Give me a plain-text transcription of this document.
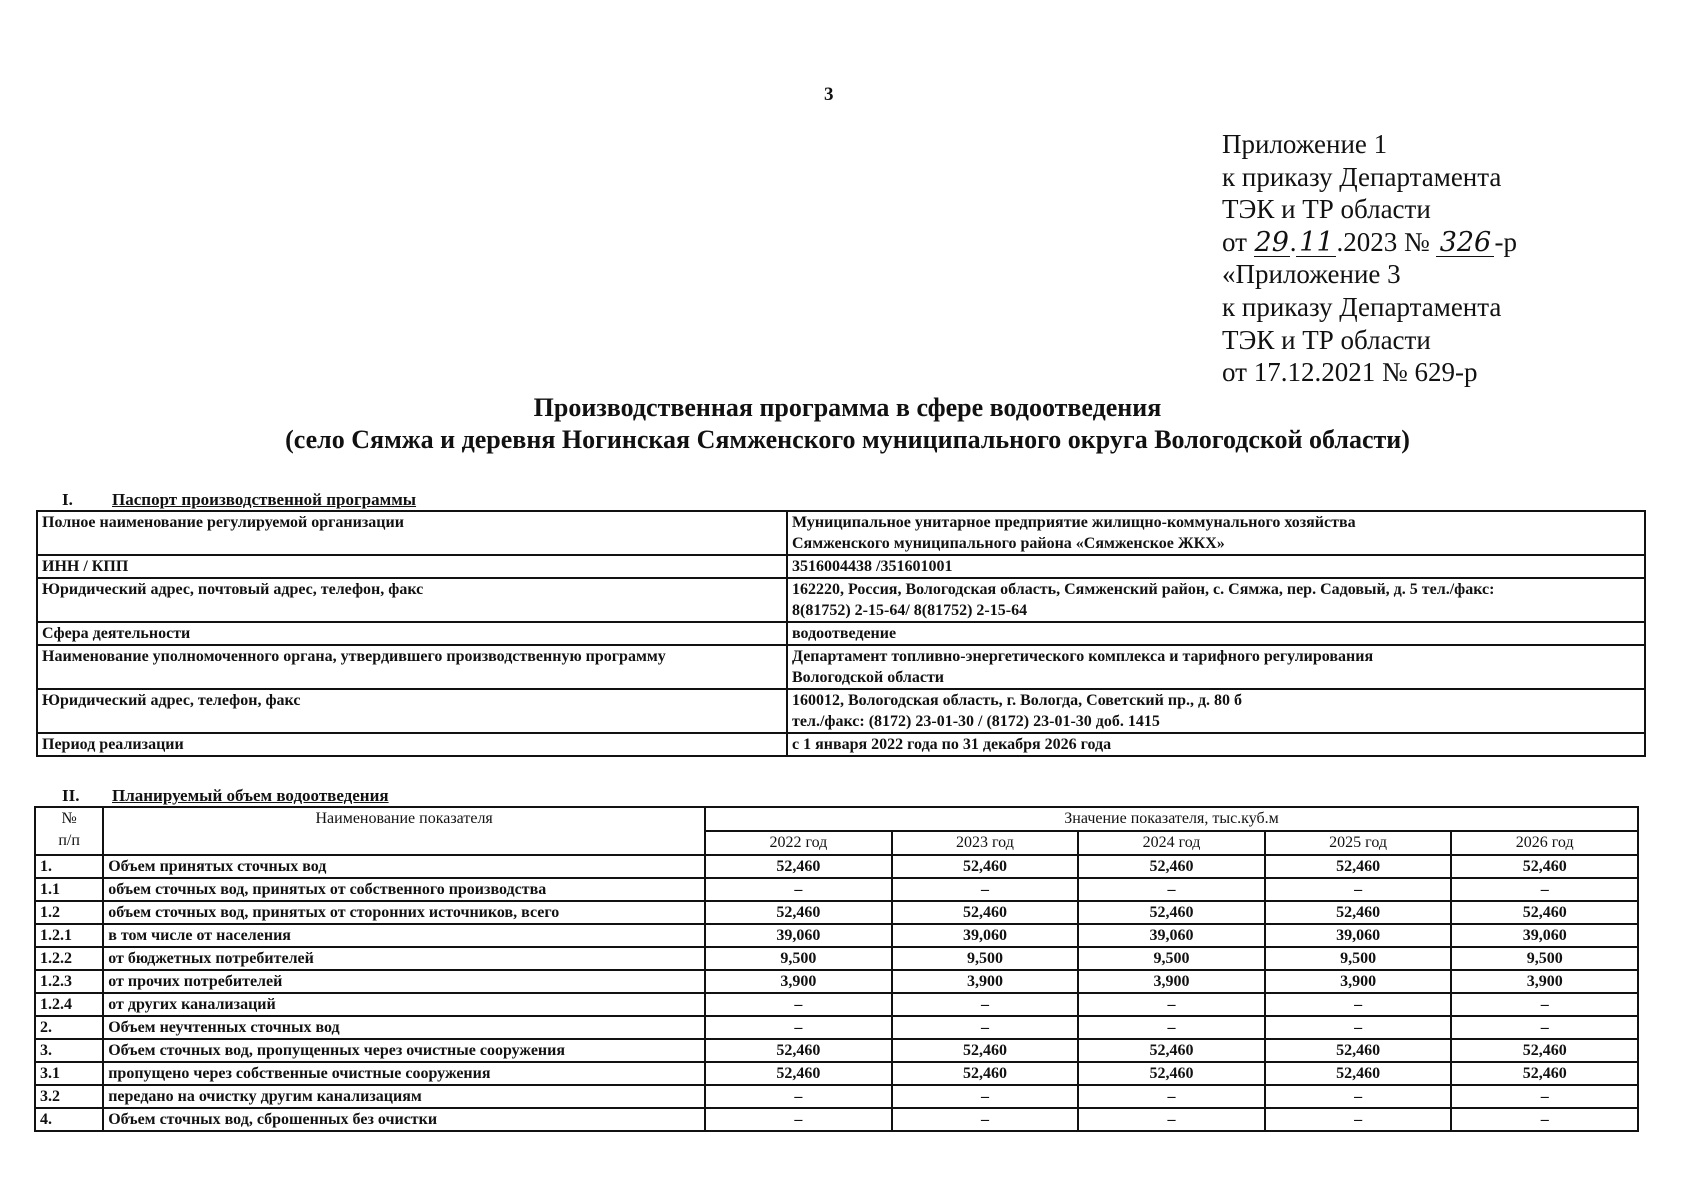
3
Приложение 1
к приказу Департамента
ТЭК и ТР области
от 29. 11 .2023 № 326 -р
«Приложение 3
к приказу Департамента
ТЭК и ТР области
от 17.12.2021 № 629-р
Производственная программа в сфере водоотведения
(село Сямжа и деревня Ногинская Сямженского муниципального округа Вологодской области)
I. Паспорт производственной программы
Полное наименование регулируемой организации	Муниципальное унитарное предприятие жилищно-коммунального хозяйства
Сямженского муниципального района «Сямженское ЖКХ»

ИНН / КПП	3516004438 /351601001

Юридический адрес, почтовый адрес, телефон, факс	162220, Россия, Вологодская область, Сямженский район, с. Сямжа, пер. Садовый, д. 5 тел./факс:
8(81752) 2-15-64/ 8(81752) 2-15-64

Сфера деятельности	водоотведение

Наименование уполномоченного органа, утвердившего производственную программу	Департамент топливно-энергетического комплекса и тарифного регулирования
Вологодской области

Юридический адрес, телефон, факс	160012, Вологодская область, г. Вологда, Советский пр., д. 80 б
тел./факс: (8172) 23-01-30 / (8172) 23-01-30 доб. 1415

Период реализации	с 1 января 2022 года по 31 декабря 2026 года
II. Планируемый объем водоотведения
№
п/п	Наименование показателя	Значение показателя, тыс.куб.м				
		2022 год	2023 год	2024 год	2025 год	2026 год
1.	Объем принятых сточных вод	52,460	52,460	52,460	52,460	52,460
1.1	объем сточных вод, принятых от собственного производства	–	–	–	–	–
1.2	объем сточных вод, принятых от сторонних источников, всего	52,460	52,460	52,460	52,460	52,460
1.2.1	в том числе от населения	39,060	39,060	39,060	39,060	39,060
1.2.2	от бюджетных потребителей	9,500	9,500	9,500	9,500	9,500
1.2.3	от прочих потребителей	3,900	3,900	3,900	3,900	3,900
1.2.4	от других канализаций	–	–	–	–	–
2.	Объем неучтенных сточных вод	–	–	–	–	–
3.	Объем сточных вод, пропущенных через очистные сооружения	52,460	52,460	52,460	52,460	52,460
3.1	пропущено через собственные очистные сооружения	52,460	52,460	52,460	52,460	52,460
3.2	передано на очистку другим канализациям	–	–	–	–	–
4.	Объем сточных вод, сброшенных без очистки	–	–	–	–	–
